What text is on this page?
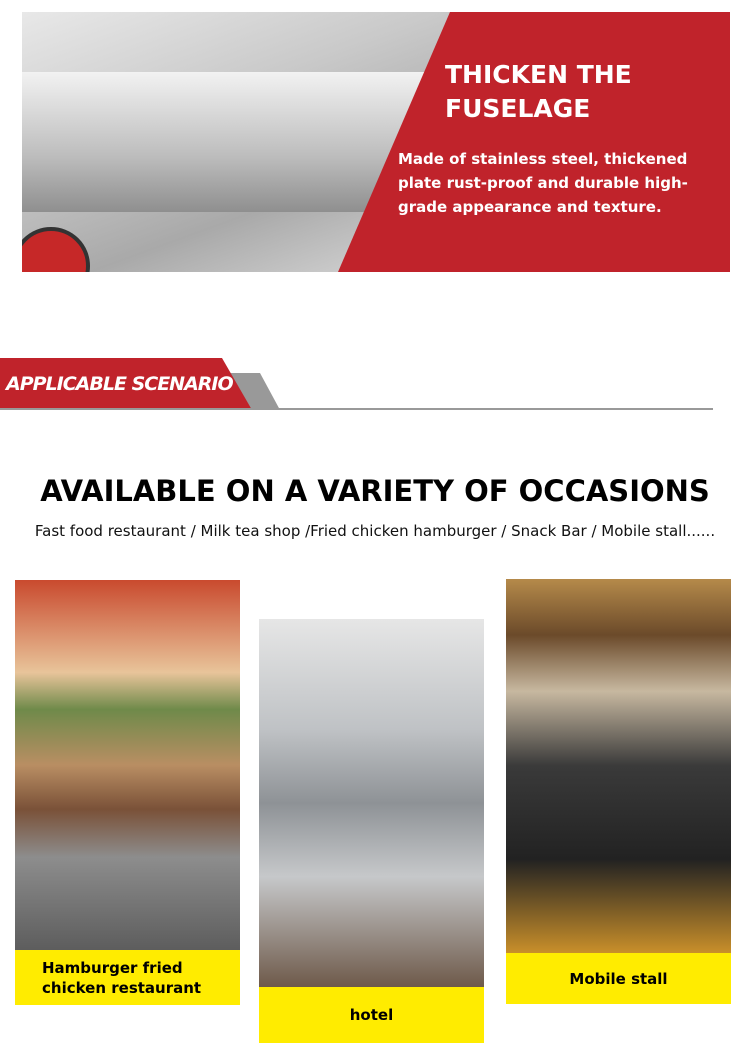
THICKEN THE
FUSELAGE
Made of stainless steel, thickened plate rust-proof and durable high-grade appearance and texture.
APPLICABLE SCENARIO
AVAILABLE ON A VARIETY OF OCCASIONS
Fast food restaurant / Milk tea shop /Fried chicken hamburger / Snack Bar / Mobile stall......
Hamburger fried chicken restaurant
hotel
Mobile stall
